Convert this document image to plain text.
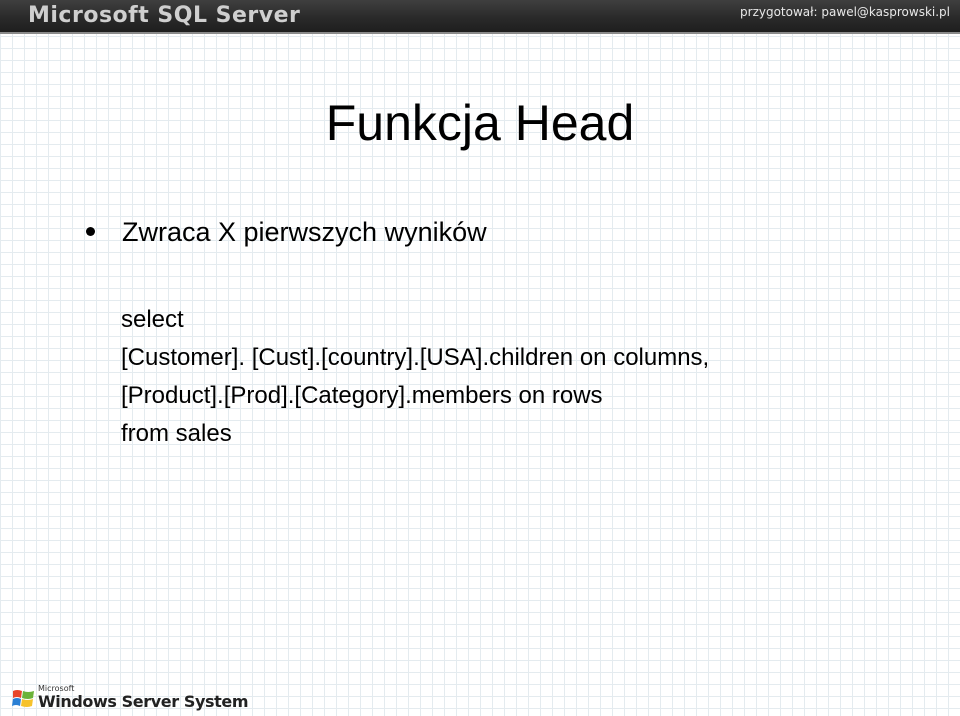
Microsoft SQL Server	przygotował: pawel@kasprowski.pl
Funkcja Head
Zwraca X pierwszych wyników
select
[Customer]. [Cust].[country].[USA].children on columns,
[Product].[Prod].[Category].members on rows
from sales
Microsoft
Windows Server System
